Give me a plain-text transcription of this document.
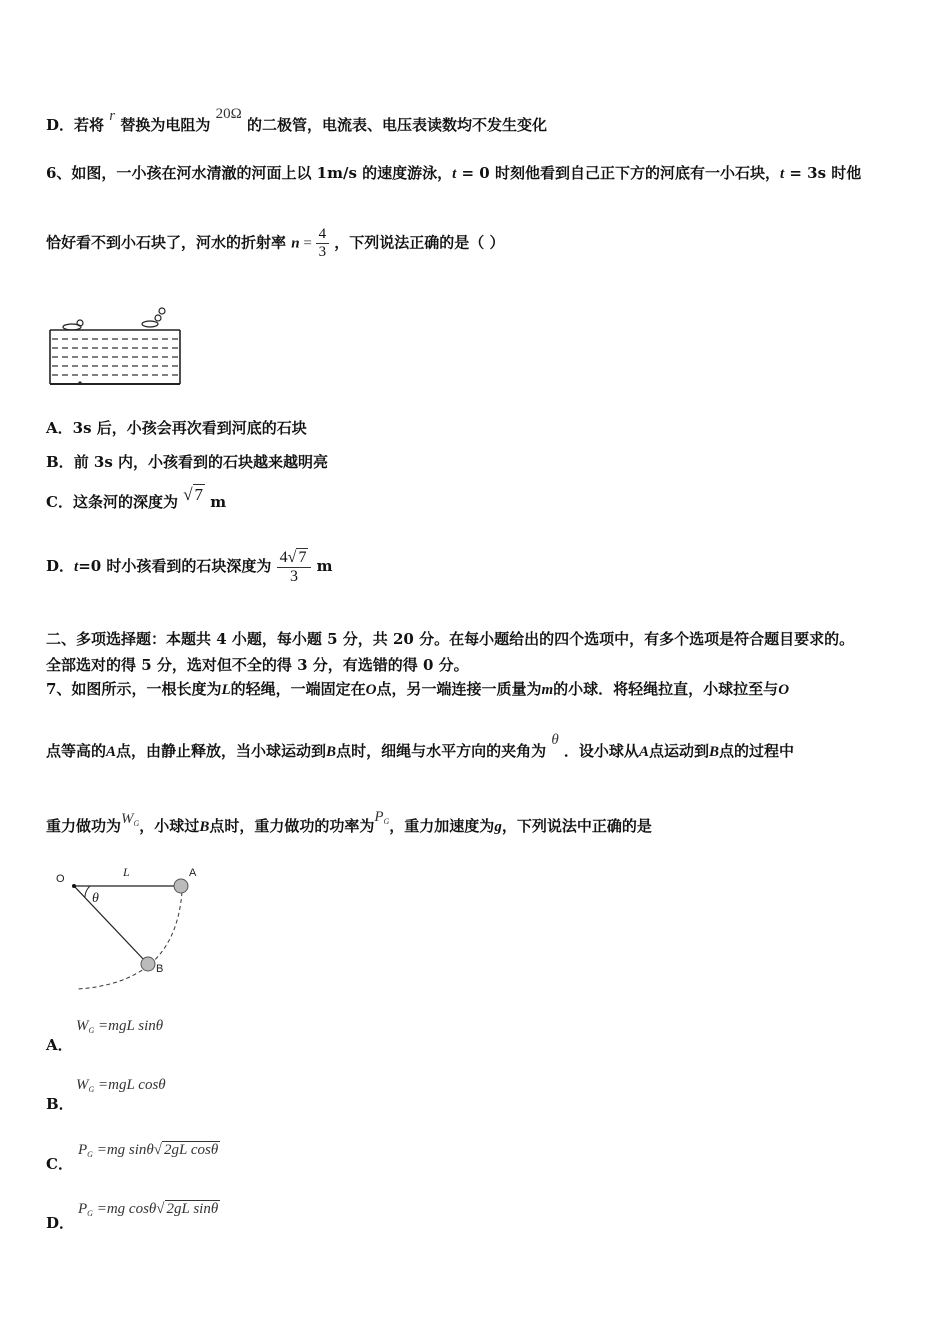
D．若将 r 替换为电阻为 20Ω 的二极管，电流表、电压表读数均不发生变化
6、如图，一小孩在河水清澈的河面上以 1m/s 的速度游泳，t = 0 时刻他看到自己正下方的河底有一小石块，t = 3s 时他
恰好看不到小石块了，河水的折射率 $n = \frac{4}{3}$ ，下列说法正确的是（ ）
A．3s 后，小孩会再次看到河底的石块
B．前 3s 内，小孩看到的石块越来越明亮
C．这条河的深度为 √ 7 m
D．t=0 时小孩看到的石块深度为 $\frac{4√ 7}{3}$ m
二、多项选择题：本题共 4 小题，每小题 5 分，共 20 分。在每小题给出的四个选项中，有多个选项是符合题目要求的。
全部选对的得 5 分，选对但不全的得 3 分，有选错的得 0 分。
7、如图所示，一根长度为L的轻绳，一端固定在O点，另一端连接一质量为m的小球．将轻绳拉直，小球拉至与O
点等高的A点，由静止释放，当小球运动到B点时，细绳与水平方向的夹角为 θ ．设小球从A点运动到B点的过程中
重力做功为$W_G$，小球过B点时，重力做功的功率为$P_G$，重力加速度为g，下列说法中正确的是
O	L	A
B
θ
A．
$W_G =mgL$ sinθ
B．
$W_G =mgL$ cosθ
C．
$P_G =mg$ sinθ√ 2gL cosθ
D．
$P_G =mg$ cosθ√ 2gL sinθ
